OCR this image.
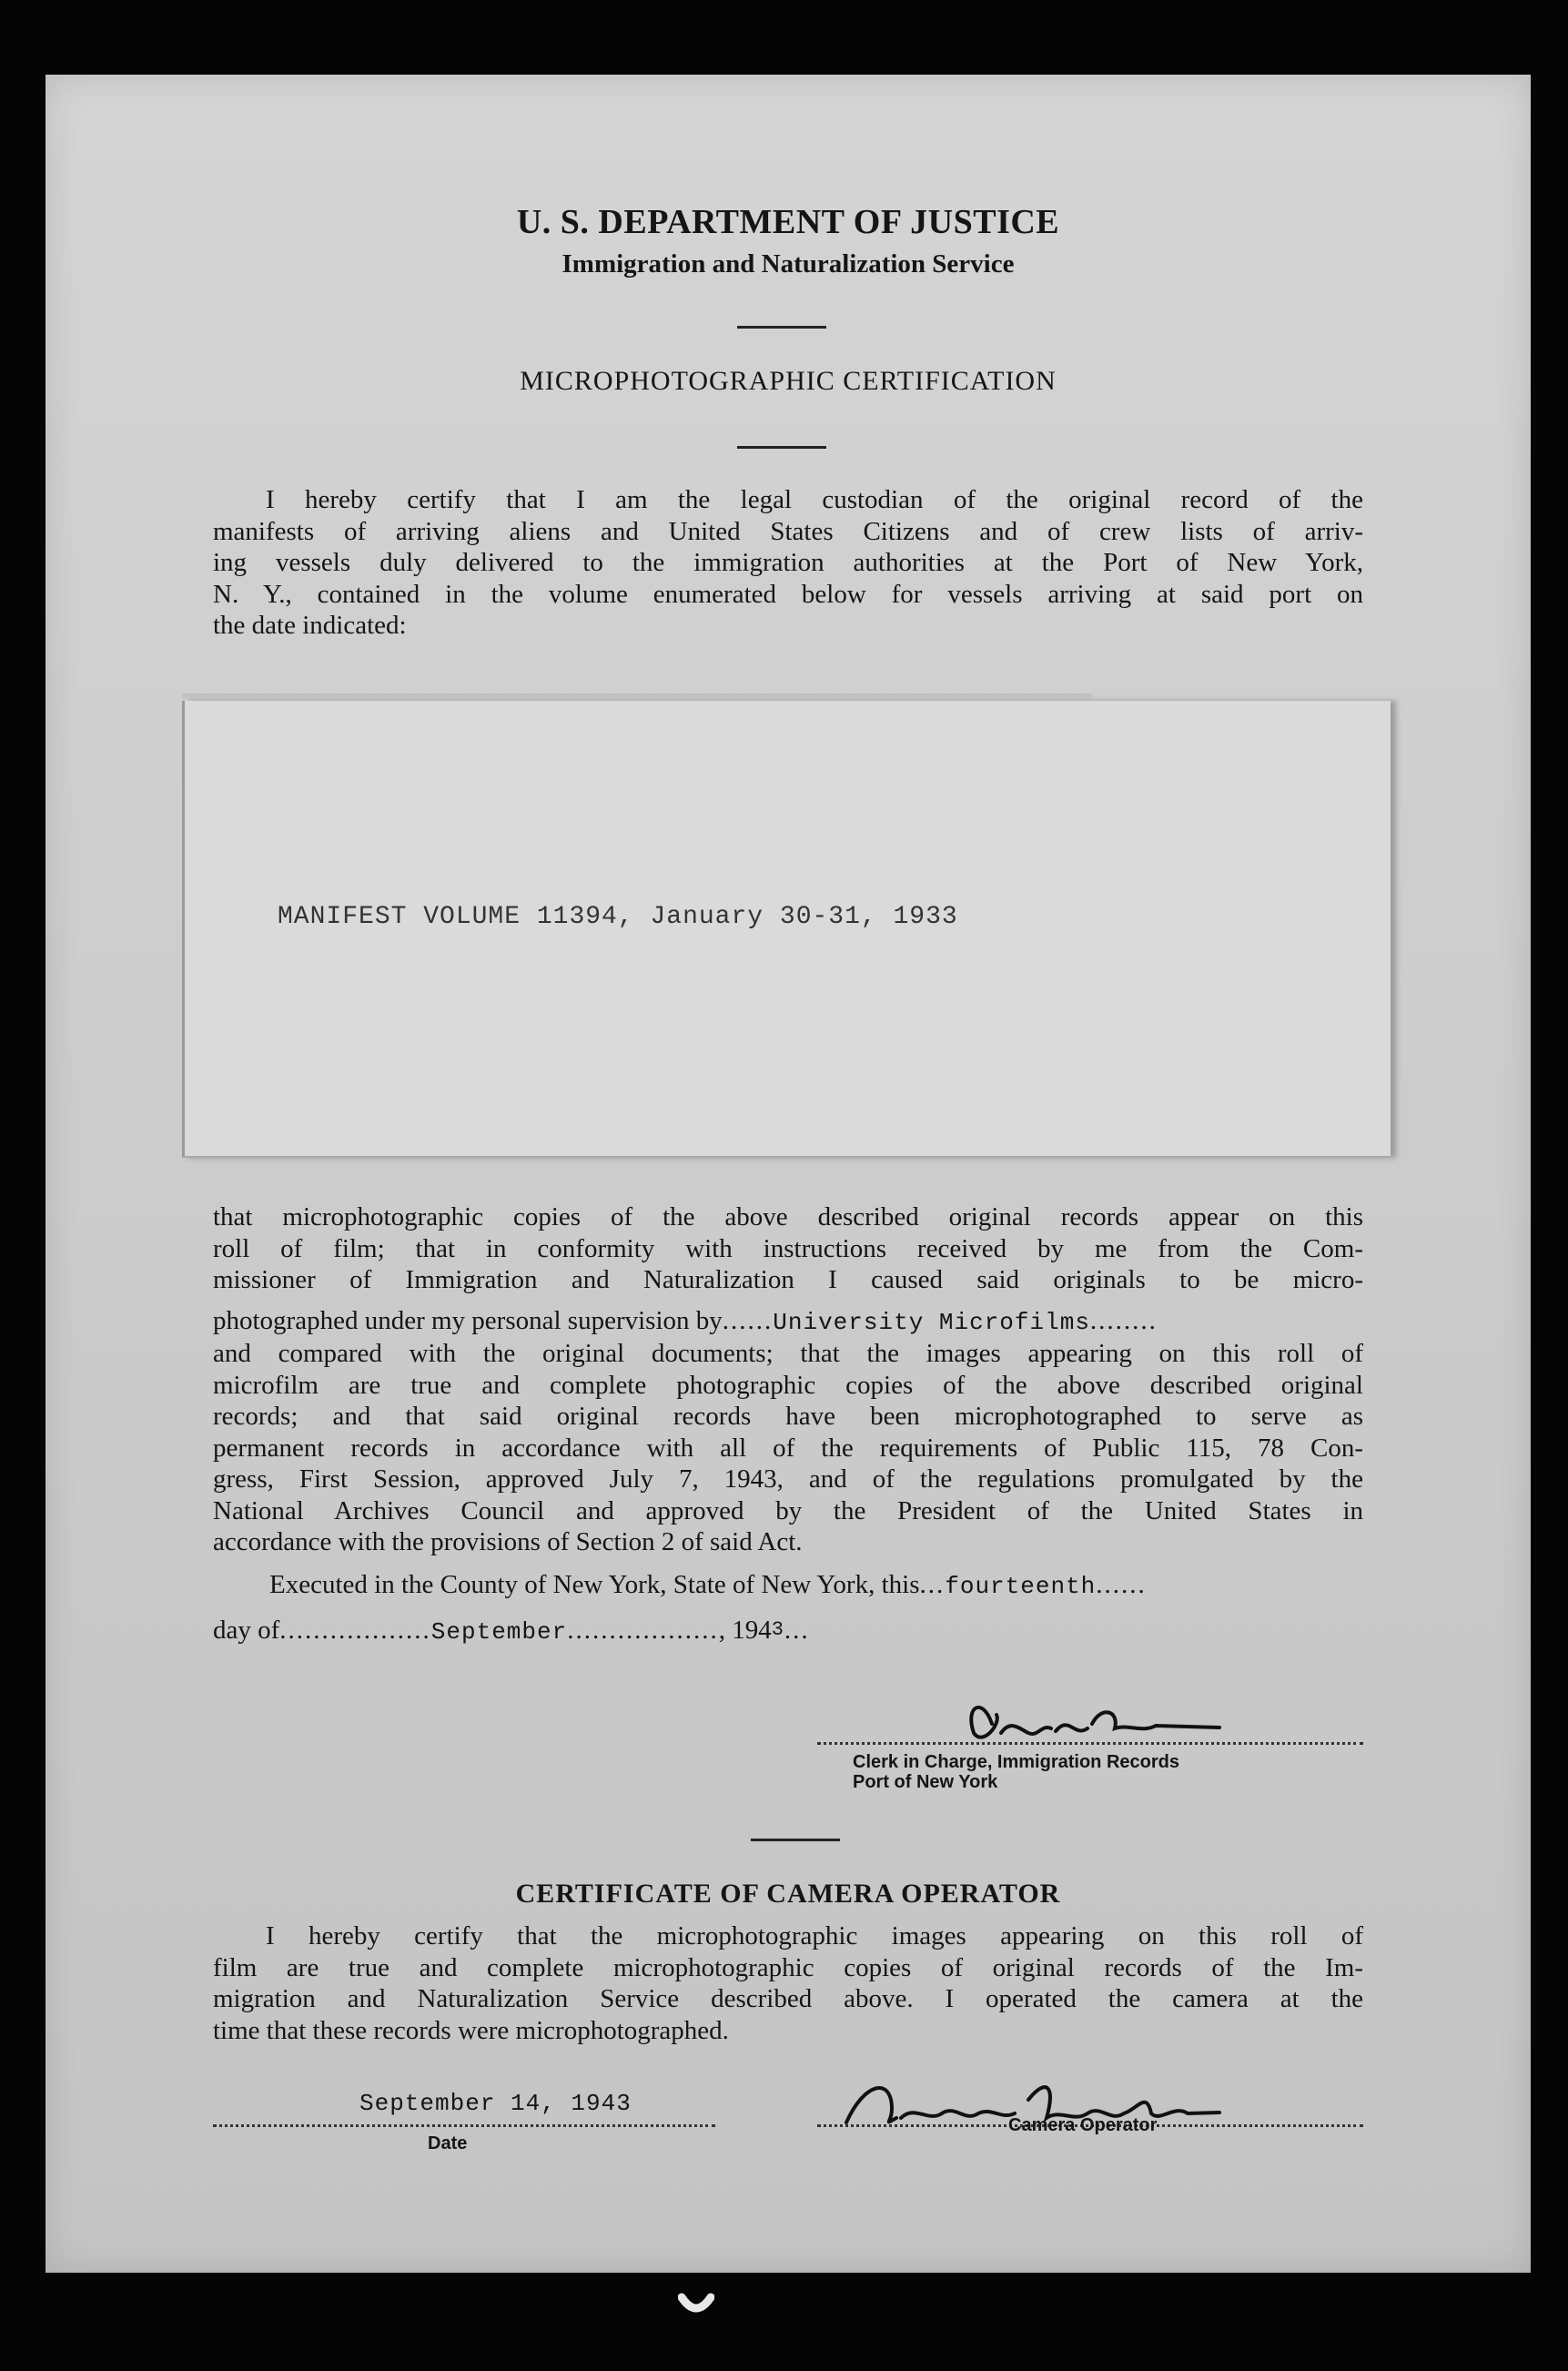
U. S. DEPARTMENT OF JUSTICE
Immigration and Naturalization Service
MICROPHOTOGRAPHIC CERTIFICATION
I hereby certify that I am the legal custodian of the original record of the
manifests of arriving aliens and United States Citizens and of crew lists of arriv-
ing vessels duly delivered to the immigration authorities at the Port of New York,
N. Y., contained in the volume enumerated below for vessels arriving at said port on
the date indicated:
MANIFEST VOLUME 11394, January 30-31, 1933
that microphotographic copies of the above described original records appear on this
roll of film; that in conformity with instructions received by me from the Com-
missioner of Immigration and Naturalization I caused said originals to be micro-
photographed under my personal supervision by......University Microfilms........
and compared with the original documents; that the images appearing on this roll of
microfilm are true and complete photographic copies of the above described original
records; and that said original records have been microphotographed to serve as
permanent records in accordance with all of the requirements of Public 115, 78 Con-
gress, First Session, approved July 7, 1943, and of the regulations promulgated by the
National Archives Council and approved by the President of the United States in
accordance with the provisions of Section 2 of said Act.
Executed in the County of New York, State of New York, this...fourteenth......
day of..................September.................., 1943...
Clerk in Charge, Immigration Records
Port of New York
CERTIFICATE OF CAMERA OPERATOR
I hereby certify that the microphotographic images appearing on this roll of
film are true and complete microphotographic copies of original records of the Im-
migration and Naturalization Service described above. I operated the camera at the
time that these records were microphotographed.
September 14, 1943
Date
Camera Operator
